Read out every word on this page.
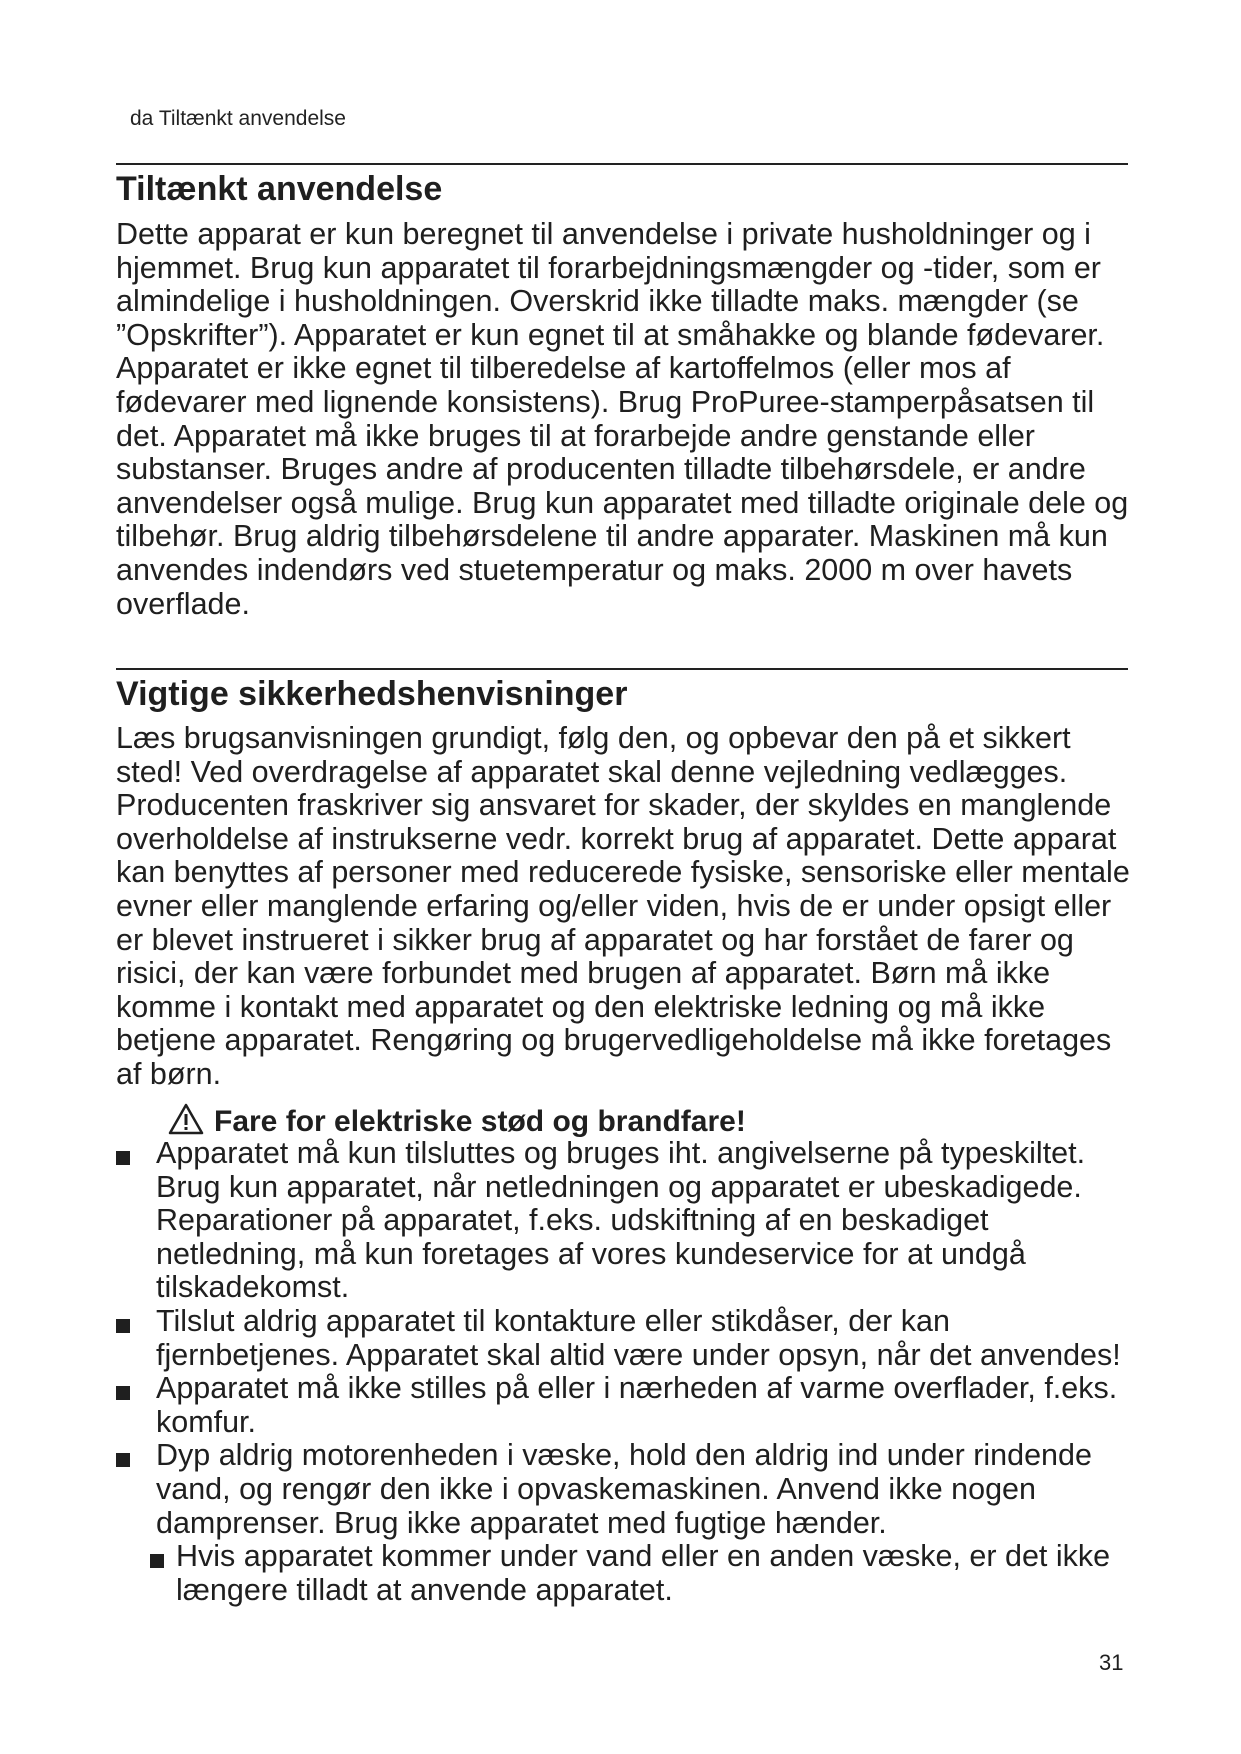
da Tiltænkt anvendelse
Tiltænkt anvendelse

Dette apparat er kun beregnet til anvendelse i private husholdninger og i hjemmet. Brug kun apparatet til forarbejdningsmængder og -tider, som er almindelige i husholdningen. Overskrid ikke tilladte maks. mængder (se ”Opskrifter”). Apparatet er kun egnet til at småhakke og blande fødevarer. Apparatet er ikke egnet til tilberedelse af kartoffelmos (eller mos af fødevarer med lignende konsistens). Brug ProPuree-stamperpåsatsen til det. Apparatet må ikke bruges til at forarbejde andre genstande eller substanser. Bruges andre af producenten tilladte tilbehørsdele, er andre anvendelser også mulige. Brug kun apparatet med tilladte originale dele og tilbehør. Brug aldrig tilbehørsdelene til andre apparater. Maskinen må kun anvendes indendørs ved stuetemperatur og maks. 2000 m over havets overflade.

Vigtige sikkerhedshenvisninger

Læs brugsanvisningen grundigt, følg den, og opbevar den på et sikkert sted! Ved overdragelse af apparatet skal denne vejledning vedlægges. Producenten fraskriver sig ansvaret for skader, der skyldes en manglende overholdelse af instrukserne vedr. korrekt brug af apparatet. Dette apparat kan benyttes af personer med reducerede fysiske, sensoriske eller mentale evner eller manglende erfaring og/eller viden, hvis de er under opsigt eller er blevet instrueret i sikker brug af apparatet og har forstået de farer og risici, der kan være forbundet med brugen af apparatet. Børn må ikke komme i kontakt med apparatet og den elektriske ledning og må ikke betjene apparatet. Rengøring og brugervedligeholdelse må ikke foretages af børn.

Fare for elektriske stød og brandfare!
Apparatet må kun tilsluttes og bruges iht. angivelserne på typeskiltet. Brug kun apparatet, når netledningen og apparatet er ubeskadigede. Reparationer på apparatet, f.eks. udskiftning af en beskadiget netledning, må kun foretages af vores kundeservice for at undgå tilskadekomst.
Tilslut aldrig apparatet til kontakture eller stikdåser, der kan fjernbetjenes. Apparatet skal altid være under opsyn, når det anvendes!
Apparatet må ikke stilles på eller i nærheden af varme overflader, f.eks. komfur.
Dyp aldrig motorenheden i væske, hold den aldrig ind under rindende vand, og rengør den ikke i opvaskemaskinen. Anvend ikke nogen damprenser. Brug ikke apparatet med fugtige hænder.
Hvis apparatet kommer under vand eller en anden væske, er det ikke længere tilladt at anvende apparatet.
31
